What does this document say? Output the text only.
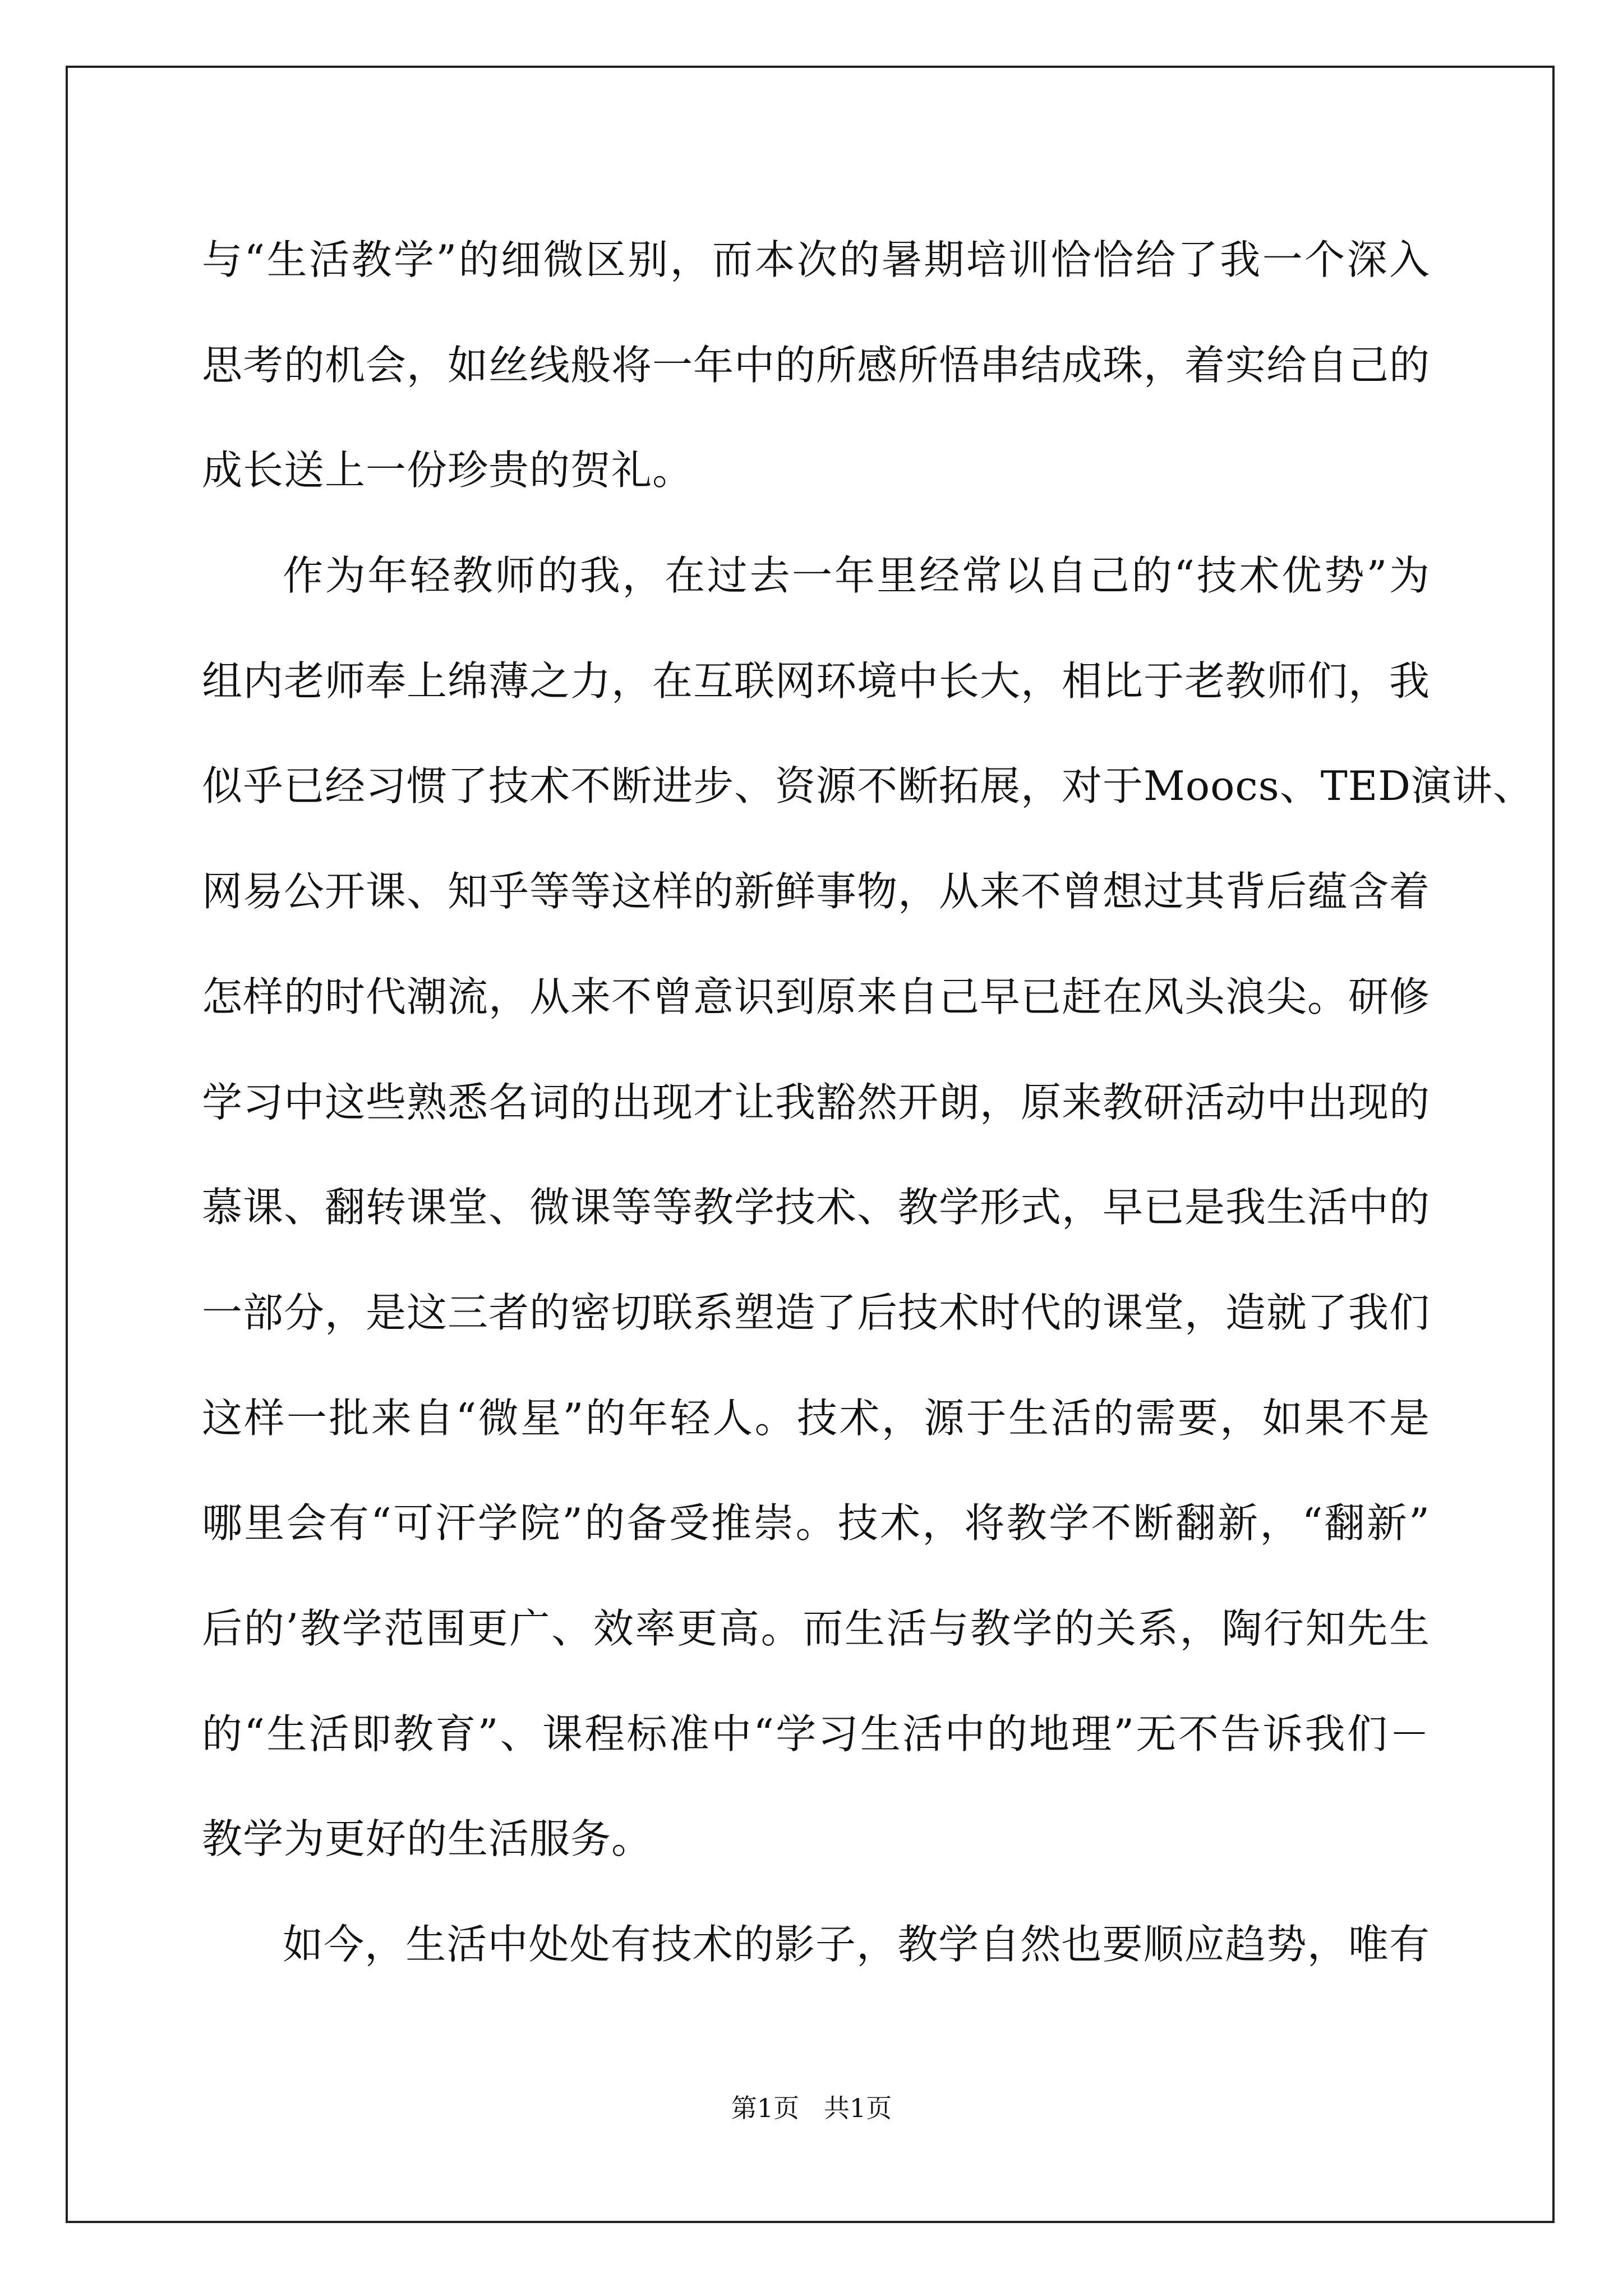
与“生活教学”的细微区别，而本次的暑期培训恰恰给了我一个深入
思考的机会，如丝线般将一年中的所感所悟串结成珠，着实给自己的
成长送上一份珍贵的贺礼。
作为年轻教师的我，在过去一年里经常以自己的“技术优势”为
组内老师奉上绵薄之力，在互联网环境中长大，相比于老教师们，我
似乎已经习惯了技术不断进步、资源不断拓展，对于Moocs、TED演讲、
网易公开课、知乎等等这样的新鲜事物，从来不曾想过其背后蕴含着
怎样的时代潮流，从来不曾意识到原来自己早已赶在风头浪尖。研修
学习中这些熟悉名词的出现才让我豁然开朗，原来教研活动中出现的
慕课、翻转课堂、微课等等教学技术、教学形式，早已是我生活中的
一部分，是这三者的密切联系塑造了后技术时代的课堂，造就了我们
这样一批来自“微星”的年轻人。技术，源于生活的需要，如果不是
哪里会有“可汗学院”的备受推崇。技术，将教学不断翻新，“翻新”
后的’教学范围更广、效率更高。而生活与教学的关系，陶行知先生
的“生活即教育”、课程标准中“学习生活中的地理”无不告诉我们－
教学为更好的生活服务。
如今，生活中处处有技术的影子，教学自然也要顺应趋势，唯有
第1页   共1页
